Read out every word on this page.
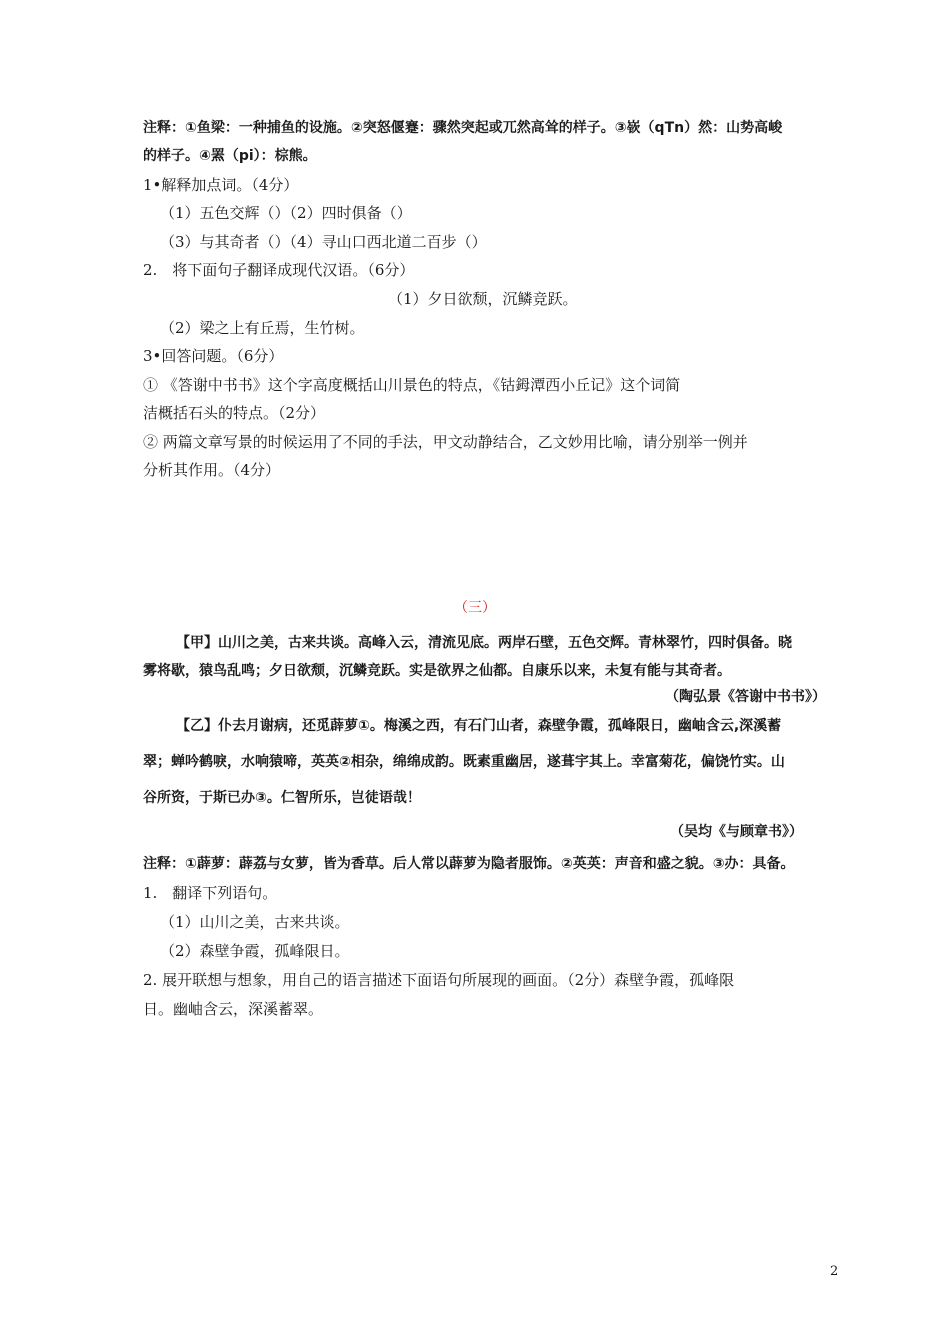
注释：①鱼梁：一种捕鱼的设施。②突怒偃蹇：骤然突起或兀然高耸的样子。③嵚（qTn）然：山势高峻
的样子。④罴（pi）：棕熊。
1•解释加点词。（4分）
（1）五色交辉（）（2）四时俱备（）
（3）与其奇者（）（4）寻山口西北道二百步（）
2.　将下面句子翻译成现代汉语。（6分）
（1）夕日欲颓，沉鳞竞跃。
（2）梁之上有丘焉，生竹树。
3•回答问题。（6分）
① 《答谢中书书》这个字高度概括山川景色的特点，《钴鉧潭西小丘记》这个词简
洁概括石头的特点。（2分）
② 两篇文章写景的时候运用了不同的手法，甲文动静结合，乙文妙用比喻，请分别举一例并
分析其作用。（4分）
（三）
【甲】山川之美，古来共谈。高峰入云，清流见底。两岸石壁，五色交辉。青林翠竹，四时俱备。晓
雾将歇，猿鸟乱鸣；夕日欲颓，沉鳞竞跃。实是欲界之仙都。自康乐以来，未复有能与其奇者。
（陶弘景《答谢中书书》）
【乙】仆去月谢病，还觅薜萝①。梅溪之西，有石门山者，森壁争霞，孤峰限日，幽岫含云,深溪蓄
翠；蝉吟鹤唳，水响猿啼，英英②相杂，绵绵成韵。既素重幽居，遂葺宇其上。幸富菊花，偏饶竹实。山
谷所资，于斯已办③。仁智所乐，岂徒语哉！
（吴均《与顾章书》）
注释：①薜萝：薜荔与女萝，皆为香草。后人常以薜萝为隐者服饰。②英英：声音和盛之貌。③办：具备。
1.　翻译下列语句。
（1）山川之美，古来共谈。
（2）森壁争霞，孤峰限日。
2. 展开联想与想象，用自己的语言描述下面语句所展现的画面。（2分）森壁争霞，孤峰限
日。幽岫含云，深溪蓄翠。
2
